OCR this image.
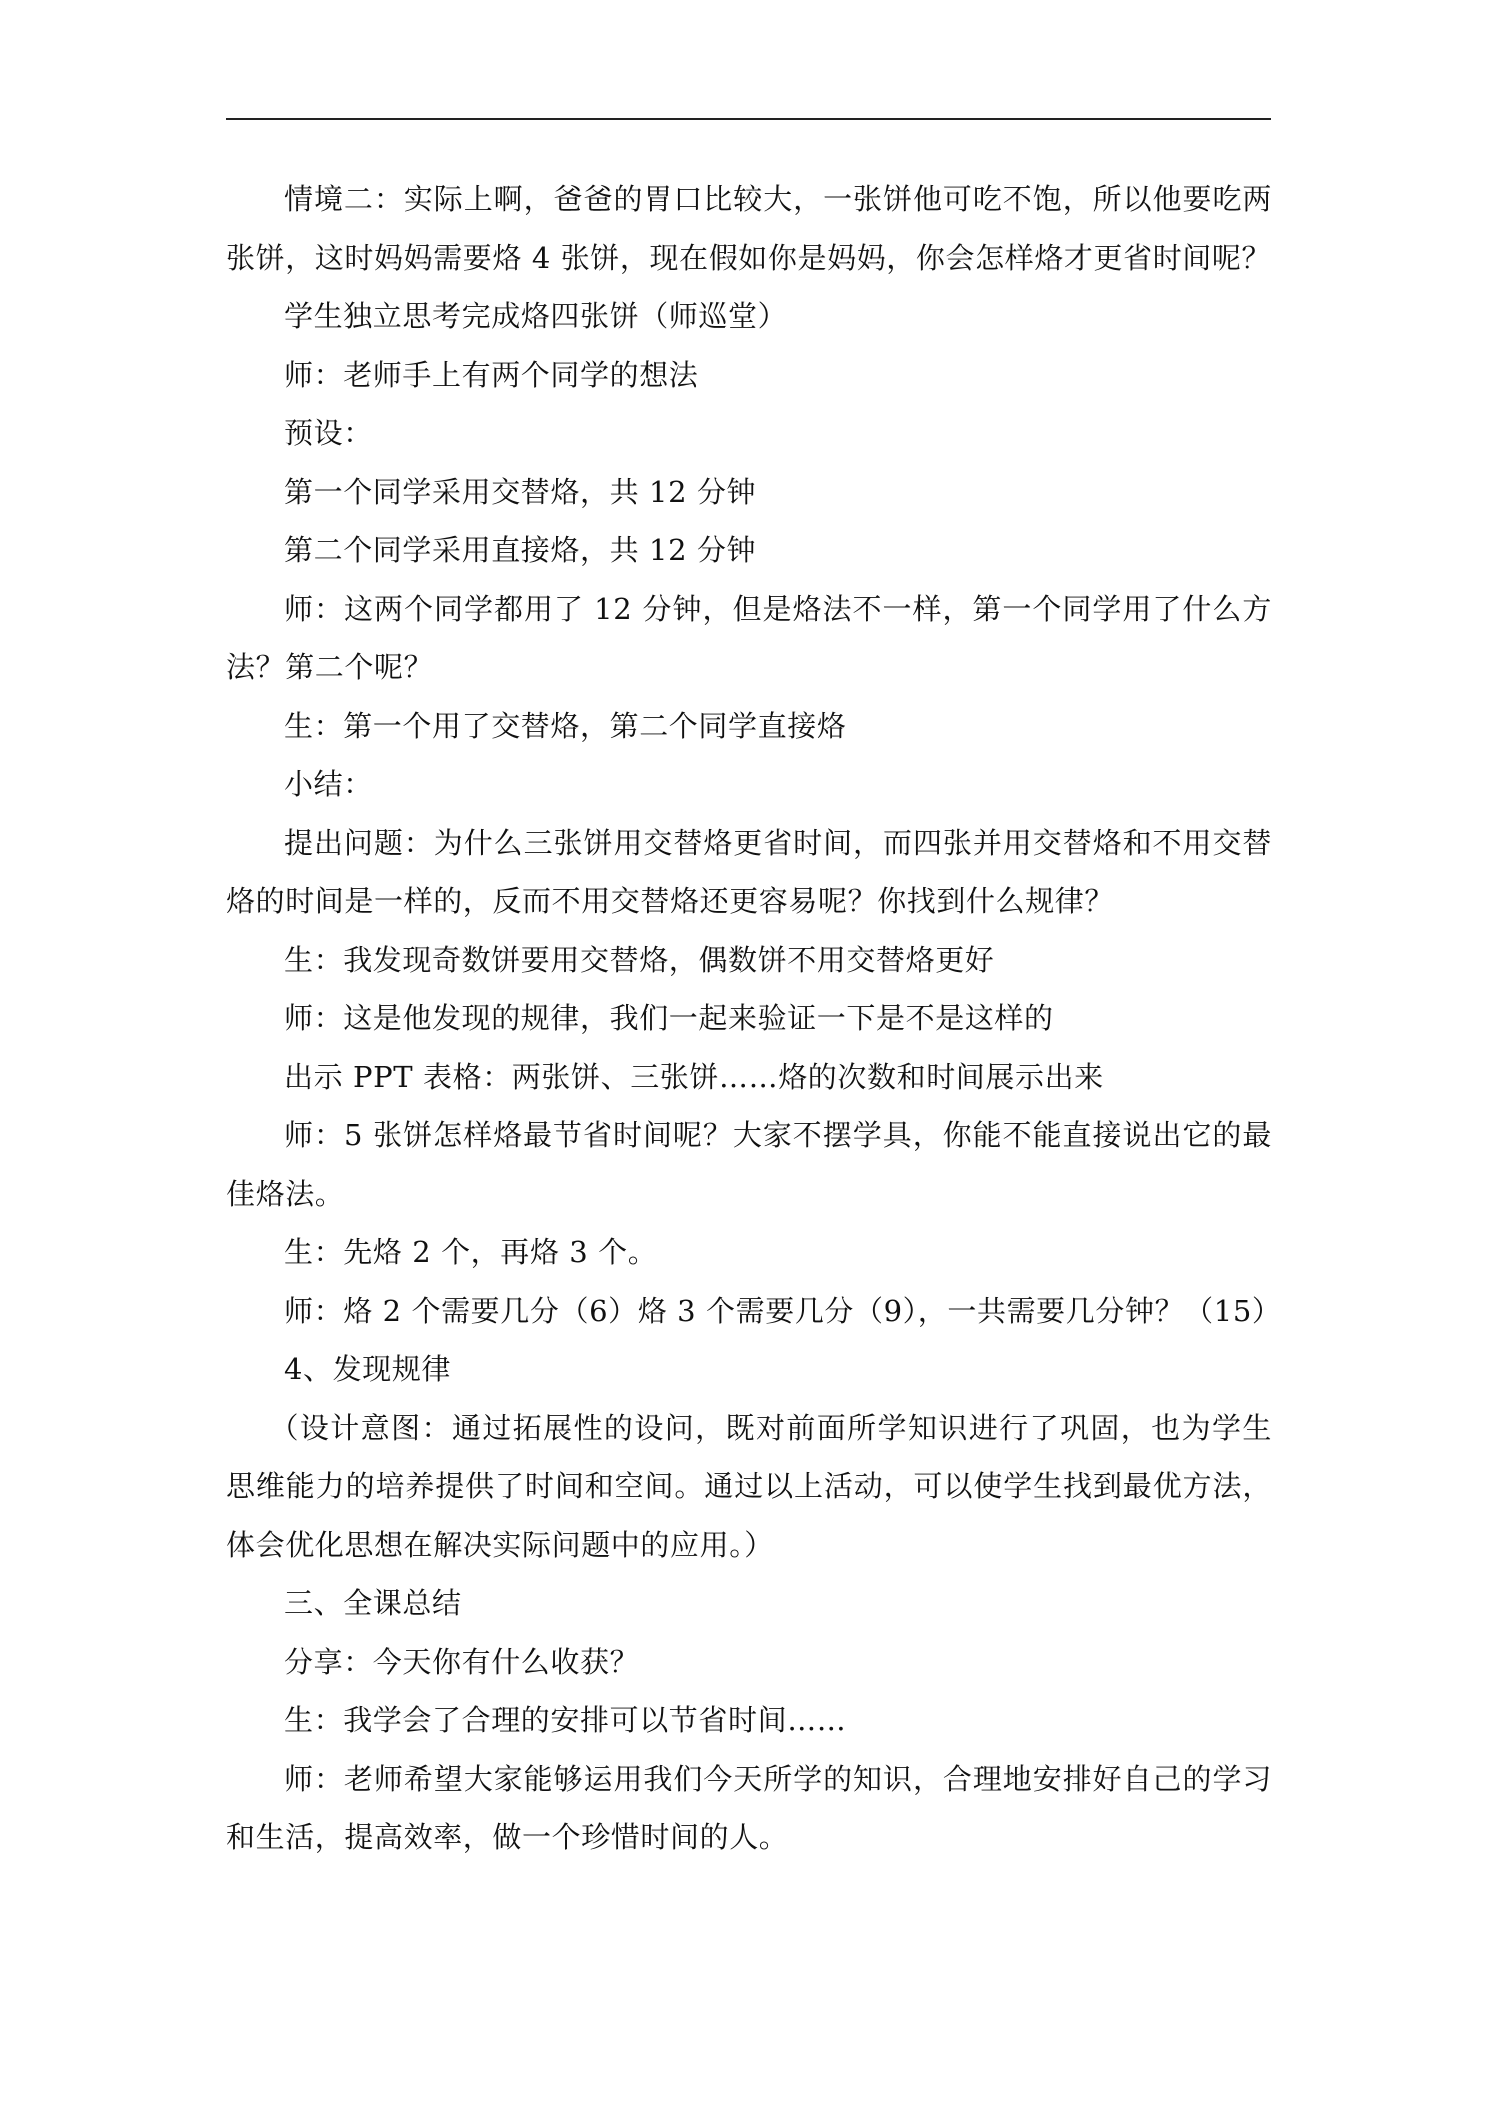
情境二：实际上啊，爸爸的胃口比较大，一张饼他可吃不饱，所以他要吃两张饼，这时妈妈需要烙 4 张饼，现在假如你是妈妈，你会怎样烙才更省时间呢？

学生独立思考完成烙四张饼（师巡堂）

师：老师手上有两个同学的想法

预设：

第一个同学采用交替烙，共 12 分钟

第二个同学采用直接烙，共 12 分钟

师：这两个同学都用了 12 分钟，但是烙法不一样，第一个同学用了什么方法？第二个呢？

生：第一个用了交替烙，第二个同学直接烙

小结：

提出问题：为什么三张饼用交替烙更省时间，而四张并用交替烙和不用交替烙的时间是一样的，反而不用交替烙还更容易呢？你找到什么规律？

生：我发现奇数饼要用交替烙，偶数饼不用交替烙更好

师：这是他发现的规律，我们一起来验证一下是不是这样的

出示 PPT 表格：两张饼、三张饼……烙的次数和时间展示出来

师：5 张饼怎样烙最节省时间呢？大家不摆学具，你能不能直接说出它的最佳烙法。

生：先烙 2 个，再烙 3 个。

师：烙 2 个需要几分（6）烙 3 个需要几分（9），一共需要几分钟？（15）

4、发现规律

（设计意图：通过拓展性的设问，既对前面所学知识进行了巩固，也为学生思维能力的培养提供了时间和空间。通过以上活动，可以使学生找到最优方法，体会优化思想在解决实际问题中的应用。）

三、全课总结

分享：今天你有什么收获？

生：我学会了合理的安排可以节省时间……

师：老师希望大家能够运用我们今天所学的知识，合理地安排好自己的学习和生活，提高效率，做一个珍惜时间的人。
